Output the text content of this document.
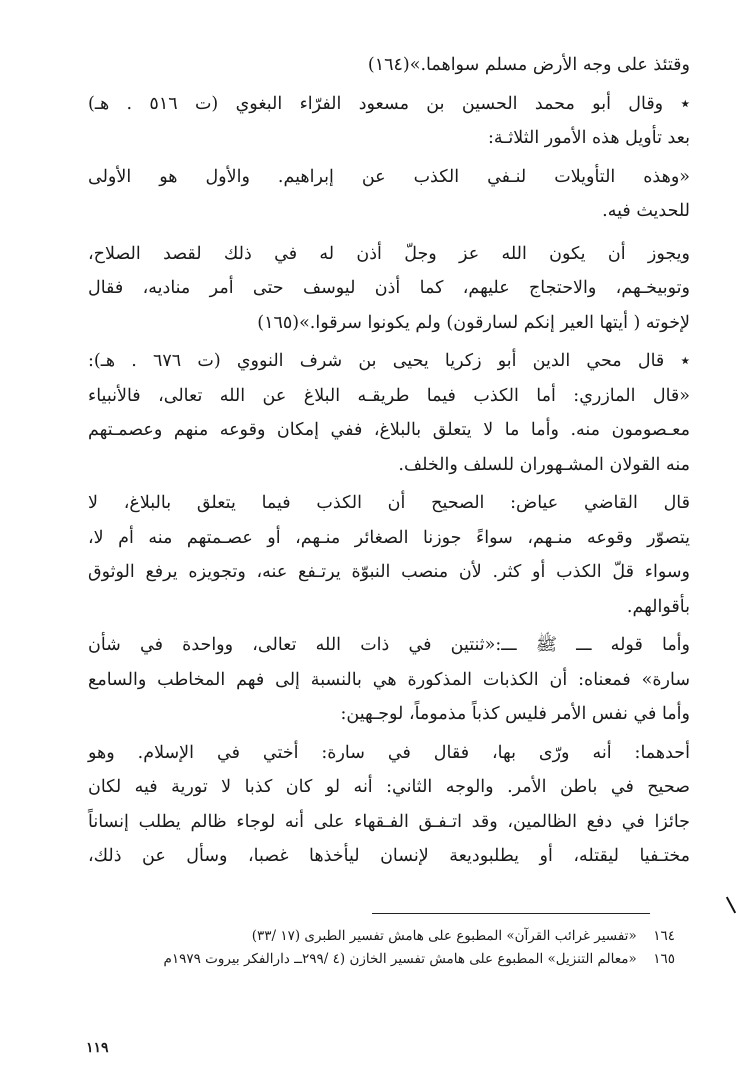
وقتئذ على وجه الأرض مسلم سواهما.»(١٦٤)

٭ وقال أبو محمد الحسين بن مسعود الفرّاء البغوي (ت ٥١٦ . هـ)
بعد تأويل هذه الأمور الثلاثـة:

«وهذه التأويلات لنـفي الكذب عن إبراهيم. والأول هو الأولى
للحديث فيه.

ويجوز أن يكون الله عز وجلّ أذن له في ذلك لقصد الصلاح،
وتوبيخـهم، والاحتجاج عليهم، كما أذن ليوسف حتى أمر مناديه، فقال
لإخوته ( أيتها العير إنكم لسارقون) ولم يكونوا سرقوا.»(١٦٥)

٭ قال محي الدين أبو زكريا يحيى بن شرف النووي (ت ٦٧٦ . هـ):
«قال المازري: أما الكذب فيما طريقـه البلاغ عن الله تعالى، فالأنبياء
معـصومون منه. وأما ما لا يتعلق بالبلاغ، ففي إمكان وقوعه منهم وعصمـتهم
منه القولان المشـهوران للسلف والخلف.

قال القاضي عياض: الصحيح أن الكذب فيما يتعلق بالبلاغ، لا
يتصوّر وقوعه منـهم، سواءً جوزنا الصغائر منـهم، أو عصـمتهم منه أم لا،
وسواء قلّ الكذب أو كثر. لأن منصب النبوّة يرتـفع عنه، وتجويزه يرفع الوثوق
بأقوالهم.

وأما قوله ـــ ﷺ ـــ:«ثنتين في ذات الله تعالى، وواحدة في شأن
سارة» فمعناه: أن الكذبات المذكورة هي بالنسبة إلى فهم المخاطب والسامع
وأما في نفس الأمر فليس كذباً مذموماً، لوجـهين:

أحدهما: أنه ورّى بها، فقال في سارة: أختي في الإسلام. وهو
صحيح في باطن الأمر. والوجه الثاني: أنه لو كان كذبا لا تورية فيه لكان
جائزا في دفع الظالمين، وقد اتـفـق الفـقهاء على أنه لوجاء ظالم يطلب إنساناً
مختـفيا ليقتله، أو يطلبوديعة لإنسان ليأخذها غصبا، وسأل عن ذلك،

١٦٤ «تفسير غرائب القرآن» المطبوع على هامش تفسير الطبرى (١٧ /٣٣)
١٦٥ «معالم التنزيل» المطبوع على هامش تفسير الخازن (٤ /٢٩٩ــ دارالفكر بيروت ١٩٧٩م
١١٩
